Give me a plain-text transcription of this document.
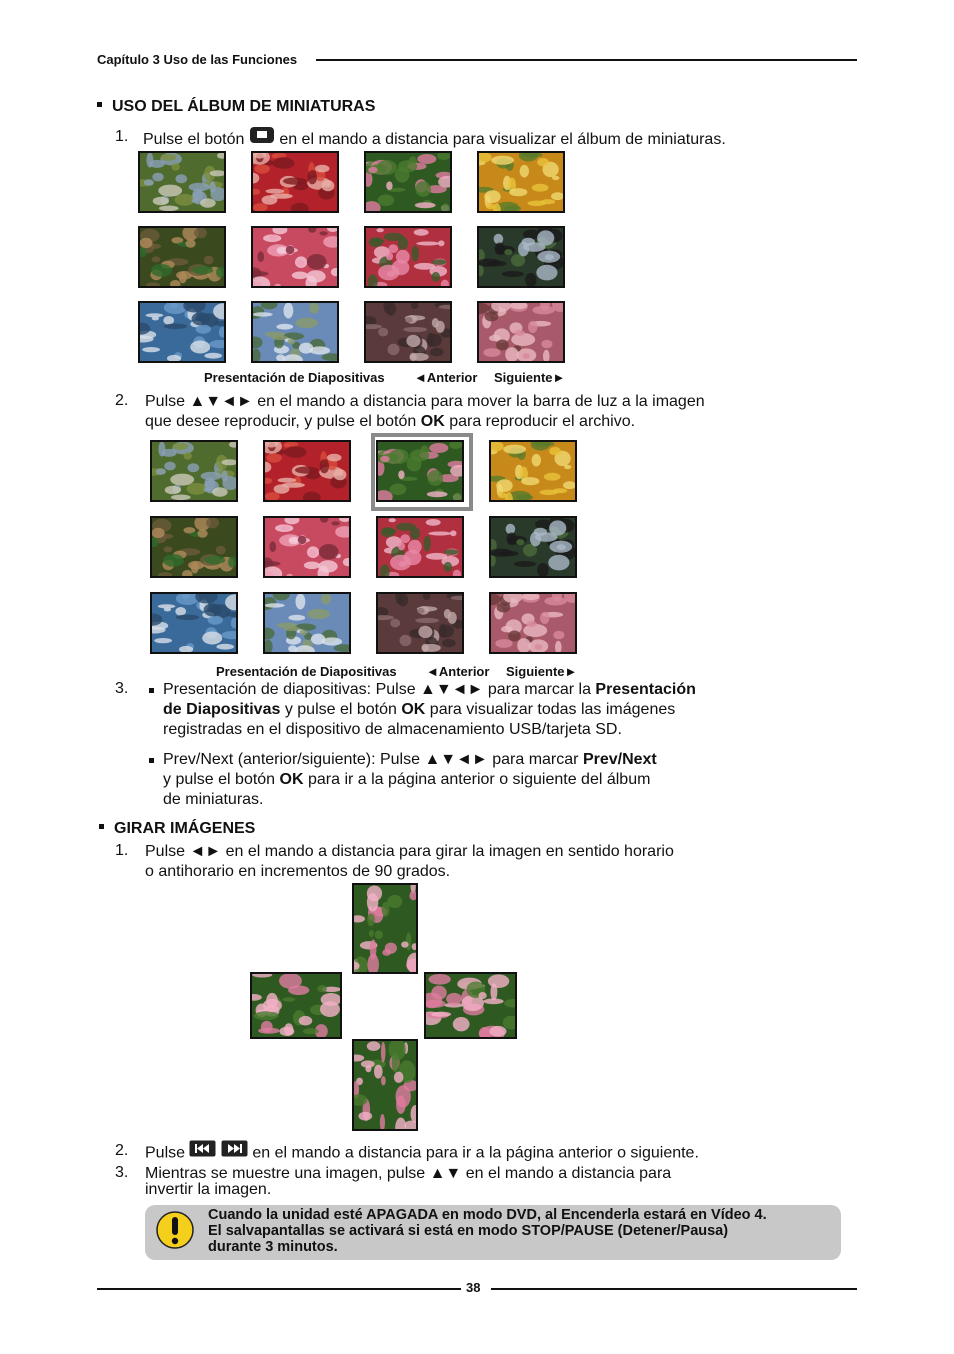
Capítulo 3 Uso de las Funciones
USO DEL ÁLBUM DE MINIATURAS
1. Pulse el botón en el mando a distancia para visualizar el álbum de miniaturas.
Presentación de Diapositivas ◄Anterior Siguiente►
2. Pulse ▲▼◄► en el mando a distancia para mover la barra de luz a la imagen
que desee reproducir, y pulse el botón OK para reproducir el archivo.
Presentación de Diapositivas ◄Anterior Siguiente►
3. Presentación de diapositivas: Pulse ▲▼◄► para marcar la Presentación
de Diapositivas y pulse el botón OK para visualizar todas las imágenes
registradas en el dispositivo de almacenamiento USB/tarjeta SD.
Prev/Next (anterior/siguiente): Pulse ▲▼◄► para marcar Prev/Next
y pulse el botón OK para ir a la página anterior o siguiente del álbum
de miniaturas.
GIRAR IMÁGENES
1. Pulse ◄► en el mando a distancia para girar la imagen en sentido horario
o antihorario en incrementos de 90 grados.
2. Pulse	en el mando a distancia para ir a la página anterior o siguiente.
3. Mientras se muestre una imagen, pulse ▲▼ en el mando a distancia para
invertir la imagen.
Cuando la unidad esté APAGADA en modo DVD, al Encenderla estará en Vídeo 4.
El salvapantallas se activará si está en modo STOP/PAUSE (Detener/Pausa)
durante 3 minutos.
38
